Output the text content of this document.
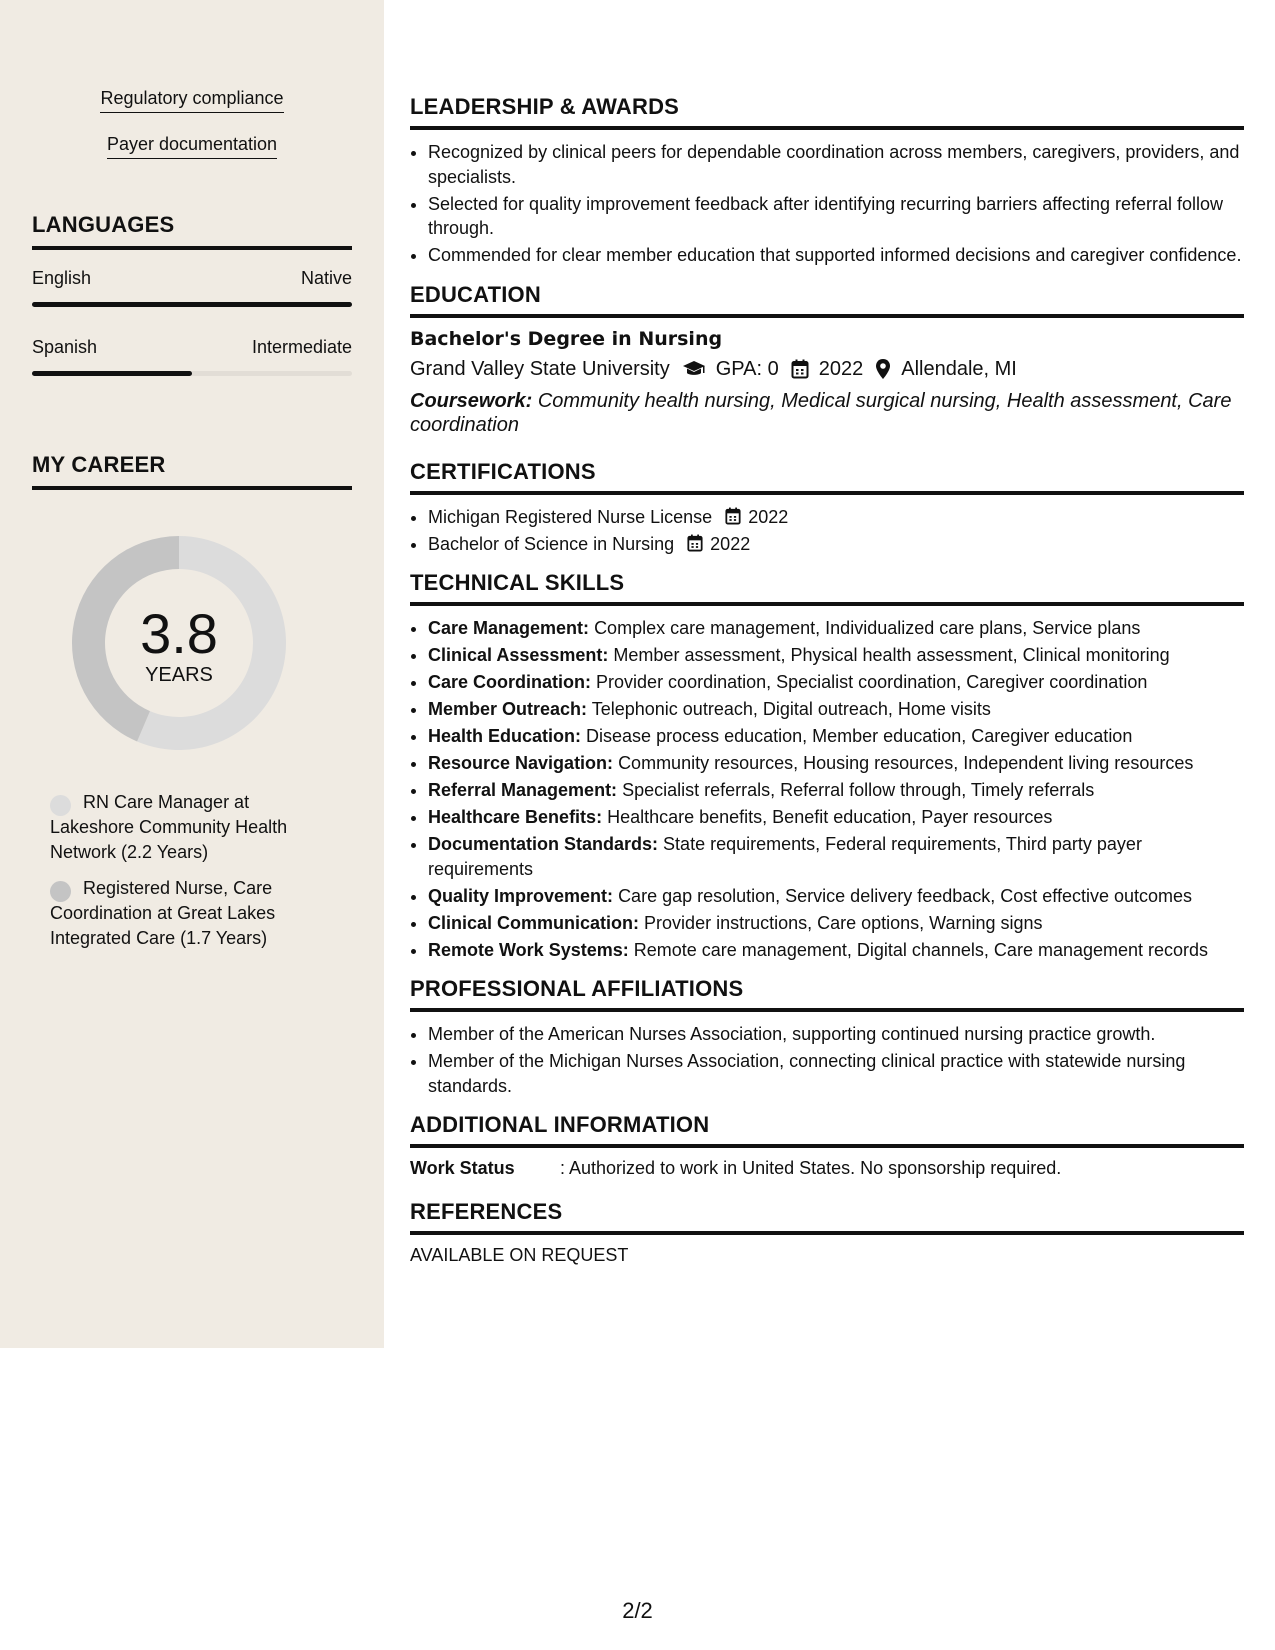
Regulatory compliance
Payer documentation
LANGUAGES
English	Native
Spanish	Intermediate
MY CAREER
3.8
YEARS
RN Care Manager at Lakeshore Community Health Network (2.2 Years)
Registered Nurse, Care Coordination at Great Lakes Integrated Care (1.7 Years)
LEADERSHIP & AWARDS
• Recognized by clinical peers for dependable coordination across members, caregivers, providers, and specialists.
• Selected for quality improvement feedback after identifying recurring barriers affecting referral follow through.
• Commended for clear member education that supported informed decisions and caregiver confidence.
EDUCATION
Bachelor's Degree in Nursing
Grand Valley State University GPA: 0 2022 Allendale, MI
Coursework: Community health nursing, Medical surgical nursing, Health assessment, Care coordination
CERTIFICATIONS
• Michigan Registered Nurse License 2022
• Bachelor of Science in Nursing 2022
TECHNICAL SKILLS
• Care Management: Complex care management, Individualized care plans, Service plans
• Clinical Assessment: Member assessment, Physical health assessment, Clinical monitoring
• Care Coordination: Provider coordination, Specialist coordination, Caregiver coordination
• Member Outreach: Telephonic outreach, Digital outreach, Home visits
• Health Education: Disease process education, Member education, Caregiver education
• Resource Navigation: Community resources, Housing resources, Independent living resources
• Referral Management: Specialist referrals, Referral follow through, Timely referrals
• Healthcare Benefits: Healthcare benefits, Benefit education, Payer resources
• Documentation Standards: State requirements, Federal requirements, Third party payer requirements
• Quality Improvement: Care gap resolution, Service delivery feedback, Cost effective outcomes
• Clinical Communication: Provider instructions, Care options, Warning signs
• Remote Work Systems: Remote care management, Digital channels, Care management records
PROFESSIONAL AFFILIATIONS
• Member of the American Nurses Association, supporting continued nursing practice growth.
• Member of the Michigan Nurses Association, connecting clinical practice with statewide nursing standards.
ADDITIONAL INFORMATION
Work Status	: Authorized to work in United States. No sponsorship required.
REFERENCES
AVAILABLE ON REQUEST
2/2
